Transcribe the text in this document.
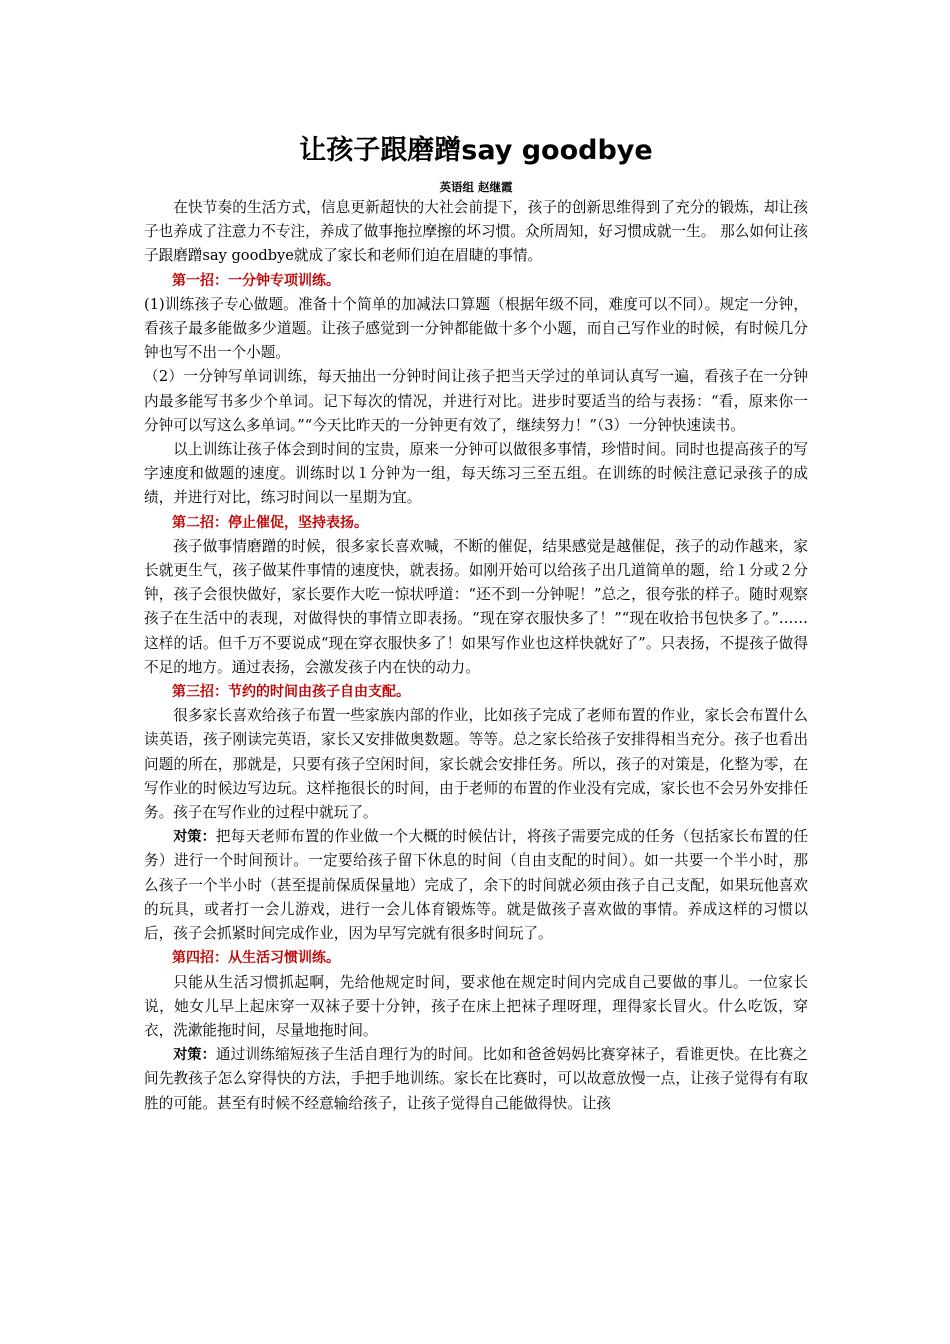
让孩子跟磨蹭say goodbye
英语组 赵继霞

在快节奏的生活方式，信息更新超快的大社会前提下，孩子的创新思维得到了充分的锻炼，却让孩子也养成了注意力不专注，养成了做事拖拉摩擦的坏习惯。众所周知，好习惯成就一生。 那么如何让孩子跟磨蹭say goodbye就成了家长和老师们迫在眉睫的事情。

第一招：一分钟专项训练。

(1)训练孩子专心做题。准备十个简单的加减法口算题（根据年级不同，难度可以不同）。规定一分钟，看孩子最多能做多少道题。让孩子感觉到一分钟都能做十多个小题，而自己写作业的时候，有时候几分钟也写不出一个小题。

（2）一分钟写单词训练，每天抽出一分钟时间让孩子把当天学过的单词认真写一遍，看孩子在一分钟内最多能写书多少个单词。记下每次的情况，并进行对比。进步时要适当的给与表扬：“看，原来你一分钟可以写这么多单词。”“今天比昨天的一分钟更有效了，继续努力！”（3）一分钟快速读书。

以上训练让孩子体会到时间的宝贵，原来一分钟可以做很多事情，珍惜时间。同时也提高孩子的写字速度和做题的速度。训练时以１分钟为一组，每天练习三至五组。在训练的时候注意记录孩子的成绩，并进行对比，练习时间以一星期为宜。

第二招：停止催促，坚持表扬。

孩子做事情磨蹭的时候，很多家长喜欢喊，不断的催促，结果感觉是越催促，孩子的动作越来，家长就更生气，孩子做某件事情的速度快，就表扬。如刚开始可以给孩子出几道简单的题，给１分或２分钟，孩子会很快做好，家长要作大吃一惊状呼道：“还不到一分钟呢！”总之，很夸张的样子。随时观察孩子在生活中的表现，对做得快的事情立即表扬。“现在穿衣服快多了！”“现在收拾书包快多了。”……这样的话。但千万不要说成“现在穿衣服快多了！如果写作业也这样快就好了”。只表扬，不提孩子做得不足的地方。通过表扬，会激发孩子内在快的动力。

第三招：节约的时间由孩子自由支配。

很多家长喜欢给孩子布置一些家族内部的作业，比如孩子完成了老师布置的作业，家长会布置什么读英语，孩子刚读完英语，家长又安排做奥数题。等等。总之家长给孩子安排得相当充分。孩子也看出问题的所在，那就是，只要有孩子空闲时间，家长就会安排任务。所以，孩子的对策是，化整为零，在写作业的时候边写边玩。这样拖很长的时间，由于老师的布置的作业没有完成，家长也不会另外安排任务。孩子在写作业的过程中就玩了。

对策：把每天老师布置的作业做一个大概的时候估计，将孩子需要完成的任务（包括家长布置的任务）进行一个时间预计。一定要给孩子留下休息的时间（自由支配的时间）。如一共要一个半小时，那么孩子一个半小时（甚至提前保质保量地）完成了，余下的时间就必须由孩子自己支配，如果玩他喜欢的玩具，或者打一会儿游戏，进行一会儿体育锻炼等。就是做孩子喜欢做的事情。养成这样的习惯以后，孩子会抓紧时间完成作业，因为早写完就有很多时间玩了。

第四招：从生活习惯训练。

只能从生活习惯抓起啊，先给他规定时间，要求他在规定时间内完成自己要做的事儿。一位家长说，她女儿早上起床穿一双袜子要十分钟，孩子在床上把袜子理呀理，理得家长冒火。什么吃饭，穿衣，洗漱能拖时间，尽量地拖时间。

对策：通过训练缩短孩子生活自理行为的时间。比如和爸爸妈妈比赛穿袜子，看谁更快。在比赛之间先教孩子怎么穿得快的方法，手把手地训练。家长在比赛时，可以故意放慢一点，让孩子觉得有有取胜的可能。甚至有时候不经意输给孩子，让孩子觉得自己能做得快。让孩
